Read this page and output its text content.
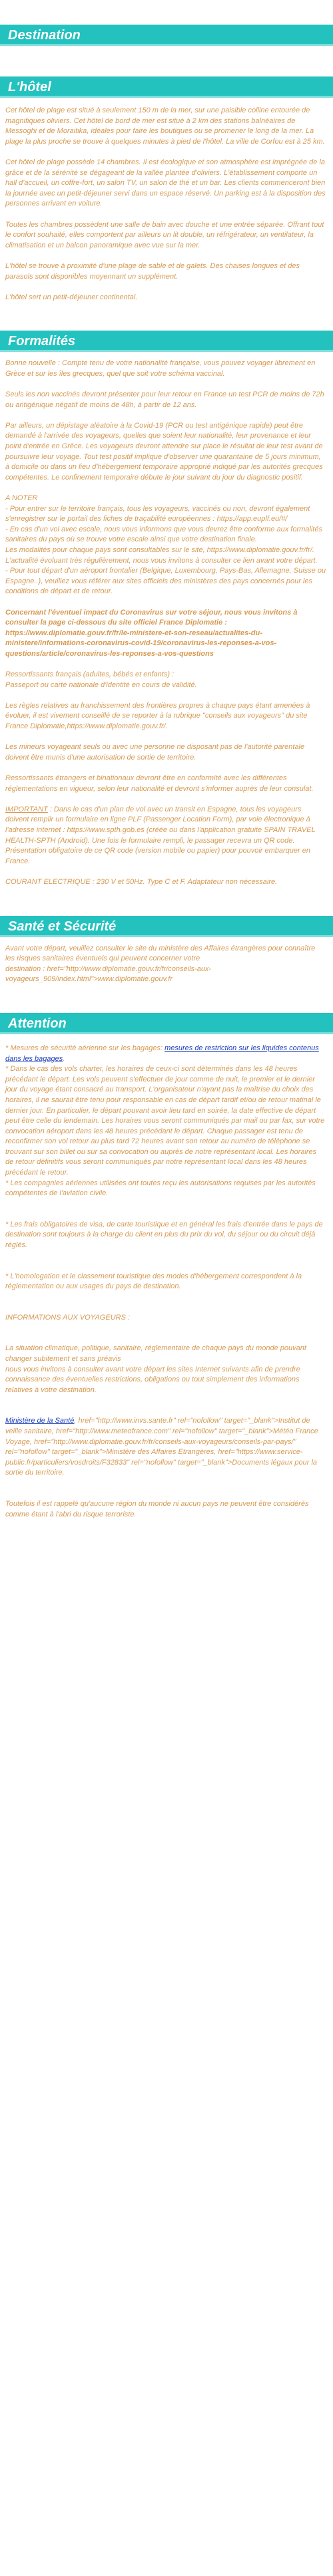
Destination
L'hôtel

Cet hôtel de plage est situé à seulement 150 m de la mer, sur une paisible colline entourée de magnifiques oliviers. Cet hôtel de bord de mer est situé à 2 km des stations balnéaires de Messoghi et de Moraitika, idéales pour faire les boutiques ou se promener le long de la mer. La plage la plus proche se trouve à quelques minutes à pied de l'hôtel. La ville de Corfou est à 25 km.

Cet hôtel de plage possède 14 chambres. Il est écologique et son atmosphère est imprégnée de la grâce et de la sérénité se dégageant de la vallée plantée d'oliviers. L'établissement comporte un hall d'accueil, un coffre-fort, un salon TV, un salon de thé et un bar. Les clients commenceront bien la journée avec un petit-déjeuner servi dans un espace réservé. Un parking est à la disposition des personnes arrivant en voiture.

Toutes les chambres possèdent une salle de bain avec douche et une entrée séparée. Offrant tout le confort souhaité, elles comportent par ailleurs un lit double, un réfrigérateur, un ventilateur, la climatisation et un balcon panoramique avec vue sur la mer.

L'hôtel se trouve à proximité d'une plage de sable et de galets. Des chaises longues et des parasols sont disponibles moyennant un supplément.

L'hôtel sert un petit-déjeuner continental.

Formalités

Bonne nouvelle : Compte tenu de votre nationalité française, vous pouvez voyager librement en Grèce et sur les îles grecques, quel que soit votre schéma vaccinal.

Seuls les non vaccinés devront présenter pour leur retour en France un test PCR de moins de 72h ou antigénique négatif de moins de 48h, à partir de 12 ans.

Par ailleurs, un dépistage aléatoire à la Covid-19 (PCR ou test antigénique rapide) peut être demandé à l'arrivée des voyageurs, quelles que soient leur nationalité, leur provenance et leur point d'entrée en Grèce. Les voyageurs devront attendre sur place le résultat de leur test avant de poursuivre leur voyage. Tout test positif implique d'observer une quarantaine de 5 jours minimum, à domicile ou dans un lieu d'hébergement temporaire approprié indiqué par les autorités grecques compétentes. Le confinement temporaire débute le jour suivant du jour du diagnostic positif.

A NOTER

- Pour entrer sur le territoire français, tous les voyageurs, vaccinés ou non, devront également s'enregistrer sur le portail des fiches de traçabilité européennes : https://app.euplf.eu/#/

- En cas d'un vol avec escale, nous vous informons que vous devrez être conforme aux formalités sanitaires du pays où se trouve votre escale ainsi que votre destination finale.

Les modalités pour chaque pays sont consultables sur le site, https://www.diplomatie.gouv.fr/fr/. L'actualité évoluant très régulièrement, nous vous invitons à consulter ce lien avant votre départ.

- Pour tout départ d'un aéroport frontalier (Belgique, Luxembourg, Pays-Bas, Allemagne, Suisse ou Espagne..), veuillez vous référer aux sites officiels des ministères des pays concernés pour les conditions de départ et de retour.

Concernant l'éventuel impact du Coronavirus sur votre séjour, nous vous invitons à consulter la page ci-dessous du site officiel France Diplomatie : https://www.diplomatie.gouv.fr/fr/le-ministere-et-son-reseau/actualites-du-ministere/informations-coronavirus-covid-19/coronavirus-les-reponses-a-vos-questions/article/coronavirus-les-reponses-a-vos-questions

Ressortissants français (adultes, bébés et enfants) :

Passeport ou carte nationale d'identité en cours de validité.

Les règles relatives au franchissement des frontières propres à chaque pays étant amenées à évoluer, il est vivement conseillé de se reporter à la rubrique "conseils aux voyageurs" du site France Diplomatie,https://www.diplomatie.gouv.fr/.

Les mineurs voyageant seuls ou avec une personne ne disposant pas de l'autorité parentale doivent être munis d'une autorisation de sortie de territoire.

Ressortissants étrangers et binationaux devront être en conformité avec les différentes réglementations en vigueur, selon leur nationalité et devront s'informer auprès de leur consulat.

IMPORTANT : Dans le cas d'un plan de vol avec un transit en Espagne, tous les voyageurs doivent remplir un formulaire en ligne PLF (Passenger Location Form), par voie électronique à l'adresse internet : https://www.spth.gob.es (créée ou dans l'application gratuite SPAIN TRAVEL HEALTH-SPTH (Android). Une fois le formulaire rempli, le passager recevra un QR code. Présentation obligatoire de ce QR code (version mobile ou papier) pour pouvoir embarquer en France.

COURANT ELECTRIQUE : 230 V et 50Hz. Type C et F. Adaptateur non nécessaire.

Santé et Sécurité

Avant votre départ, veuillez consulter le site du ministère des Affaires étrangères pour connaître les risques sanitaires éventuels qui peuvent concerner votre

destination : href="http://www.diplomatie.gouv.fr/fr/conseils-aux-voyageurs_909/index.html">www.diplomatie.gouv.fr

Attention

* Mesures de sécurité aérienne sur les bagages: mesures de restriction sur les liquides contenus dans les bagages.

* Dans le cas des vols charter, les horaires de ceux-ci sont déterminés dans les 48 heures précédant le départ. Les vols peuvent s'effectuer de jour comme de nuit, le premier et le dernier jour du voyage étant consacré au transport. L'organisateur n'ayant pas la maîtrise du choix des horaires, il ne saurait être tenu pour responsable en cas de départ tardif et/ou de retour matinal le dernier jour. En particulier, le départ pouvant avoir lieu tard en soirée, la date effective de départ peut être celle du lendemain. Les horaires vous seront communiqués par mail ou par fax, sur votre convocation aéroport dans les 48 heures précédant le départ. Chaque passager est tenu de reconfirmer son vol retour au plus tard 72 heures avant son retour au numéro de téléphone se trouvant sur son billet ou sur sa convocation ou auprès de notre représentant local. Les horaires de retour définitifs vous seront communiqués par notre représentant local dans les 48 heures précédant le retour.

* Les compagnies aériennes utilisées ont toutes reçu les autorisations requises par les autorités compétentes de l'aviation civile.

* Les frais obligatoires de visa, de carte touristique et en général les frais d'entrée dans le pays de destination sont toujours à la charge du client en plus du prix du vol, du séjour ou du circuit déjà réglés.

* L'homologation et le classement touristique des modes d'hébergement correspondent à la réglementation ou aux usages du pays de destination.

INFORMATIONS AUX VOYAGEURS :

La situation climatique, politique, sanitaire, réglementaire de chaque pays du monde pouvant changer subitement et sans préavis

nous vous invitons à consulter avant votre départ les sites Internet suivants afin de prendre connaissance des éventuelles restrictions, obligations ou tout simplement des informations relatives à votre destination.

Ministère de la Santé, href="http://www.invs.sante.fr" rel="nofollow" target="_blank">Institut de veille sanitaire, href="http://www.meteofrance.com" rel="nofollow" target="_blank">Météo France Voyage, href="http://www.diplomatie.gouv.fr/fr/conseils-aux-voyageurs/conseils-par-pays/" rel="nofollow" target="_blank">Ministère des Affaires Etrangères, href="https://www.service-public.fr/particuliers/vosdroits/F32833" rel="nofollow" target="_blank">Documents légaux pour la sortie du territoire.

Toutefois il est rappelé qu'aucune région du monde ni aucun pays ne peuvent être considérés comme étant à l'abri du risque terroriste.
